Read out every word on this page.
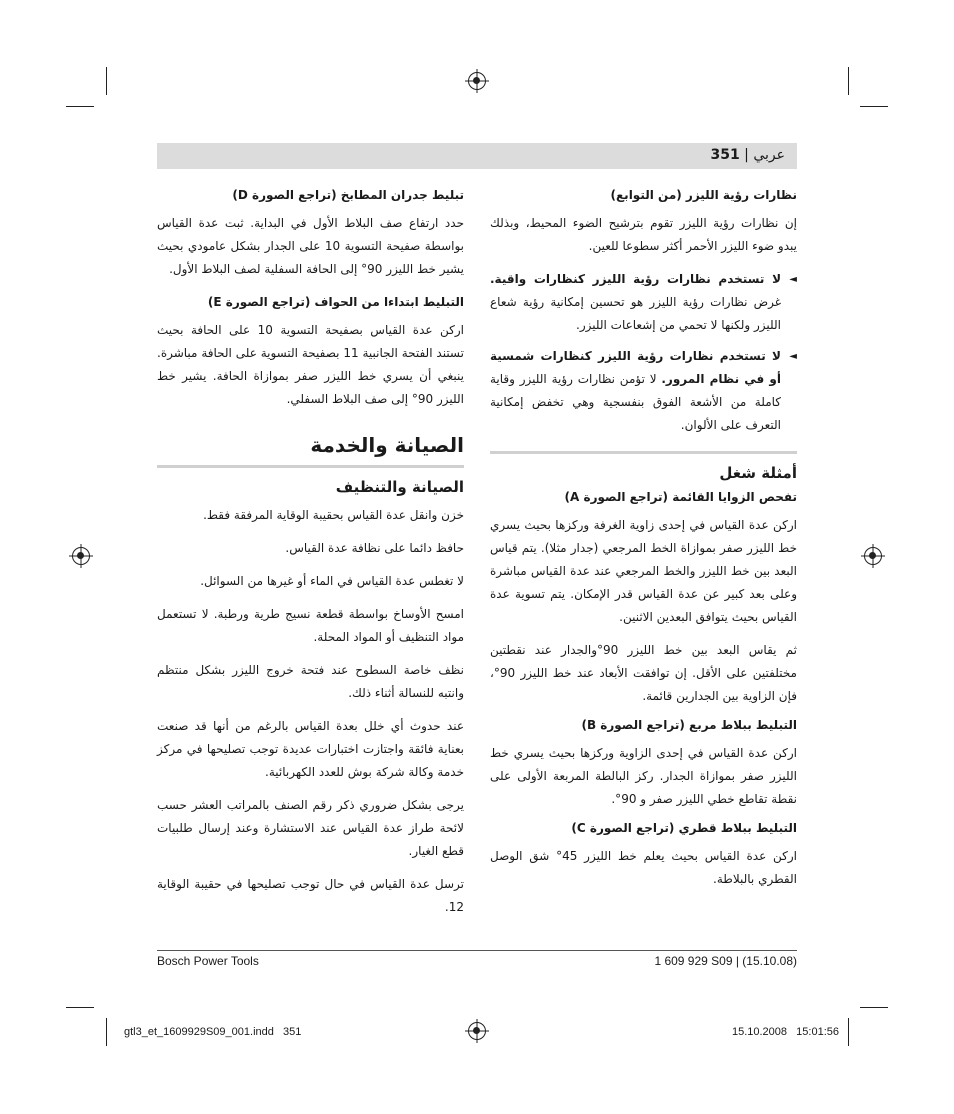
عربي | 351
نظارات رؤية الليزر (من التوابع)
إن نظارات رؤية الليزر تقوم بترشيح الضوء المحيط، وبذلك يبدو ضوء الليزر الأحمر أكثر سطوعا للعين.
◄
لا تستخدم نظارات رؤية الليزر كنظارات واقية. غرض نظارات رؤية الليزر هو تحسين إمكانية رؤية شعاع الليزر ولكنها لا تحمي من إشعاعات الليزر.
◄
لا تستخدم نظارات رؤية الليزر كنظارات شمسية أو في نظام المرور. لا تؤمن نظارات رؤية الليزر وقاية كاملة من الأشعة الفوق بنفسجية وهي تخفض إمكانية التعرف على الألوان.
أمثلة شغل
تفحص الزوايا القائمة (تراجع الصورة A)
اركن عدة القياس في إحدى زاوية الغرفة وركزها بحيث يسري خط الليزر صفر بموازاة الخط المرجعي (جدار مثلا). يتم قياس البعد بين خط الليزر والخط المرجعي عند عدة القياس مباشرة وعلى بعد كبير عن عدة القياس قدر الإمكان. يتم تسوية عدة القياس بحيث يتوافق البعدين الاثنين.
ثم يقاس البعد بين خط الليزر 90°والجدار عند نقطتين مختلفتين على الأقل. إن توافقت الأبعاد عند خط الليزر 90°، فإن الزاوية بين الجدارين قائمة.
التبليط ببلاط مربع (تراجع الصورة B)
اركن عدة القياس في إحدى الزاوية وركزها بحيث يسري خط الليزر صفر بموازاة الجدار. ركز البالطة المربعة الأولى على نقطة تقاطع خطي الليزر صفر و 90°.
التبليط ببلاط قطري (تراجع الصورة C)
اركن عدة القياس بحيث يعلم خط الليزر 45° شق الوصل القطري بالبلاطة.
تبليط جدران المطابخ (تراجع الصورة D)
حدد ارتفاع صف البلاط الأول في البداية. ثبت عدة القياس بواسطة صفيحة التسوية 10 على الجدار بشكل عامودي بحيث يشير خط الليزر 90° إلى الحافة السفلية لصف البلاط الأول.
التبليط ابتداءا من الحواف (تراجع الصورة E)
اركن عدة القياس بصفيحة التسوية 10 على الحافة بحيث تستند الفتحة الجانبية 11 بصفيحة التسوية على الحافة مباشرة. ينبغي أن يسري خط الليزر صفر بموازاة الحافة. يشير خط الليزر 90° إلى صف البلاط السفلي.
الصيانة والخدمة
الصيانة والتنظيف
خزن وانقل عدة القياس بحقيبة الوقاية المرفقة فقط.
حافظ دائما على نظافة عدة القياس.
لا تغطس عدة القياس في الماء أو غيرها من السوائل.
امسح الأوساخ بواسطة قطعة نسيج طرية ورطبة. لا تستعمل مواد التنظيف أو المواد المحلة.
نظف خاصة السطوح عند فتحة خروج الليزر بشكل منتظم وانتبه للنسالة أثناء ذلك.
عند حدوث أي خلل بعدة القياس بالرغم من أنها قد صنعت بعناية فائقة واجتازت اختبارات عديدة توجب تصليحها في مركز خدمة وكالة شركة بوش للعدد الكهربائية.
يرجى بشكل ضروري ذكر رقم الصنف بالمراتب العشر حسب لائحة طراز عدة القياس عند الاستشارة وعند إرسال طلبيات قطع الغيار.
ترسل عدة القياس في حال توجب تصليحها في حقيبة الوقاية 12.
Bosch Power Tools	1 609 929 S09 | (15.10.08)
gtl3_et_1609929S09_001.indd   351	15.10.2008   15:01:56
